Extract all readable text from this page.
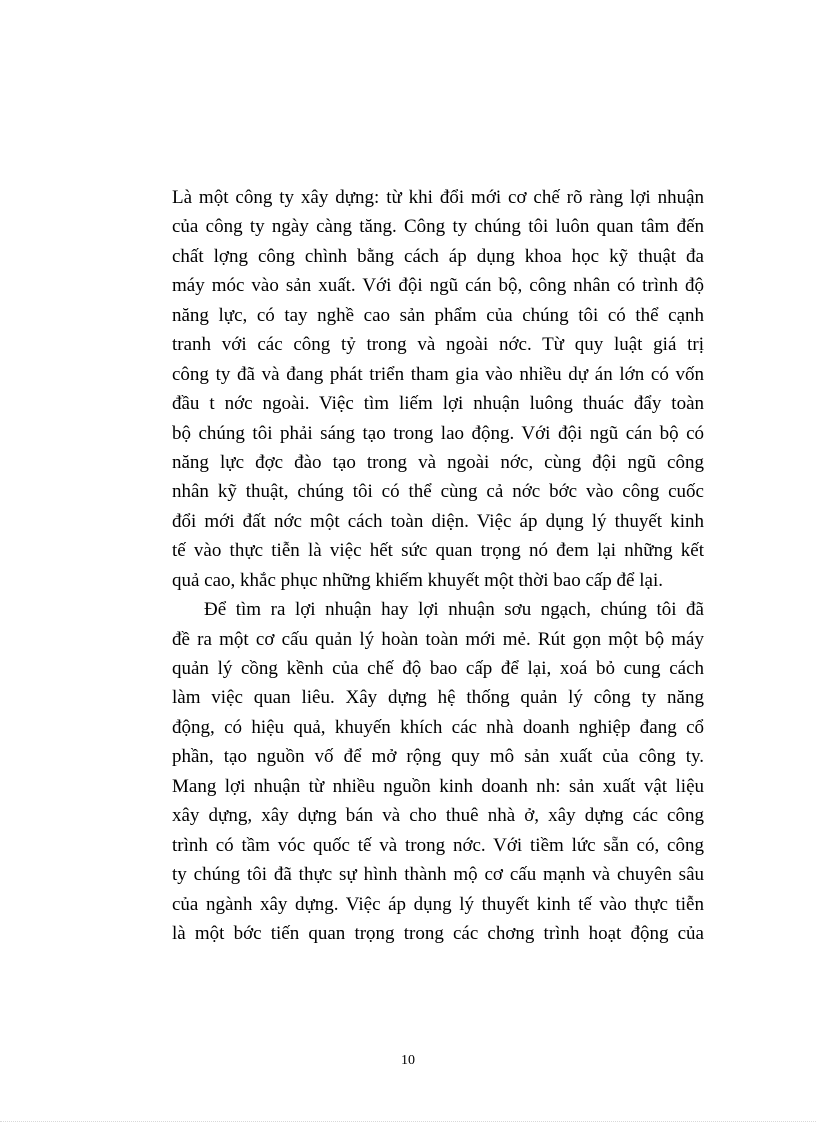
Là một công ty xây dựng: từ khi đổi mới cơ chế rõ ràng lợi nhuận
của công ty ngày càng tăng. Công ty chúng tôi luôn quan tâm đến
chất lợng công chình bằng cách áp dụng khoa học kỹ thuật đa
máy móc vào sản xuất. Với đội ngũ cán bộ, công nhân có trình độ
năng lực, có tay nghề cao sản phẩm của chúng tôi có thể cạnh
tranh với các công tỷ trong và ngoài nớc. Từ quy luật giá trị
công ty đã và đang phát triển tham gia vào nhiều dự án lớn có vốn
đầu t nớc ngoài. Việc tìm liếm lợi nhuận luông thuác đẩy toàn
bộ chúng tôi phải sáng tạo trong lao động. Với đội ngũ cán bộ có
năng lực đợc đào tạo trong và ngoài nớc, cùng đội ngũ công
nhân kỹ thuật, chúng tôi có thể cùng cả nớc bớc vào công cuốc
đổi mới đất nớc một cách toàn diện. Việc áp dụng lý thuyết kinh
tế vào thực tiễn là việc hết sức quan trọng nó đem lại những kết
quả cao, khắc phục những khiếm khuyết một thời bao cấp để lại.
Để tìm ra lợi nhuận hay lợi nhuận sơu ngạch, chúng tôi đã
đề ra một cơ cấu quản lý hoàn toàn mới mẻ. Rút gọn một bộ máy
quản lý cồng kềnh của chế độ bao cấp để lại, xoá bỏ cung cách
làm việc quan liêu. Xây dựng hệ thống quản lý công ty năng
động, có hiệu quả, khuyến khích các nhà doanh nghiệp đang cổ
phần, tạo nguồn vố để mở rộng quy mô sản xuất của công ty.
Mang lợi nhuận từ nhiều nguồn kinh doanh nh: sản xuất vật liệu
xây dựng, xây dựng bán và cho thuê nhà ở, xây dựng các công
trình có tầm vóc quốc tế và trong nớc. Với tiềm lức sẵn có, công
ty chúng tôi đã thực sự hình thành mộ cơ cấu mạnh và chuyên sâu
của ngành xây dựng. Việc áp dụng lý thuyết kinh tế vào thực tiễn
là một bớc tiến quan trọng trong các chơng trình hoạt động của
10
